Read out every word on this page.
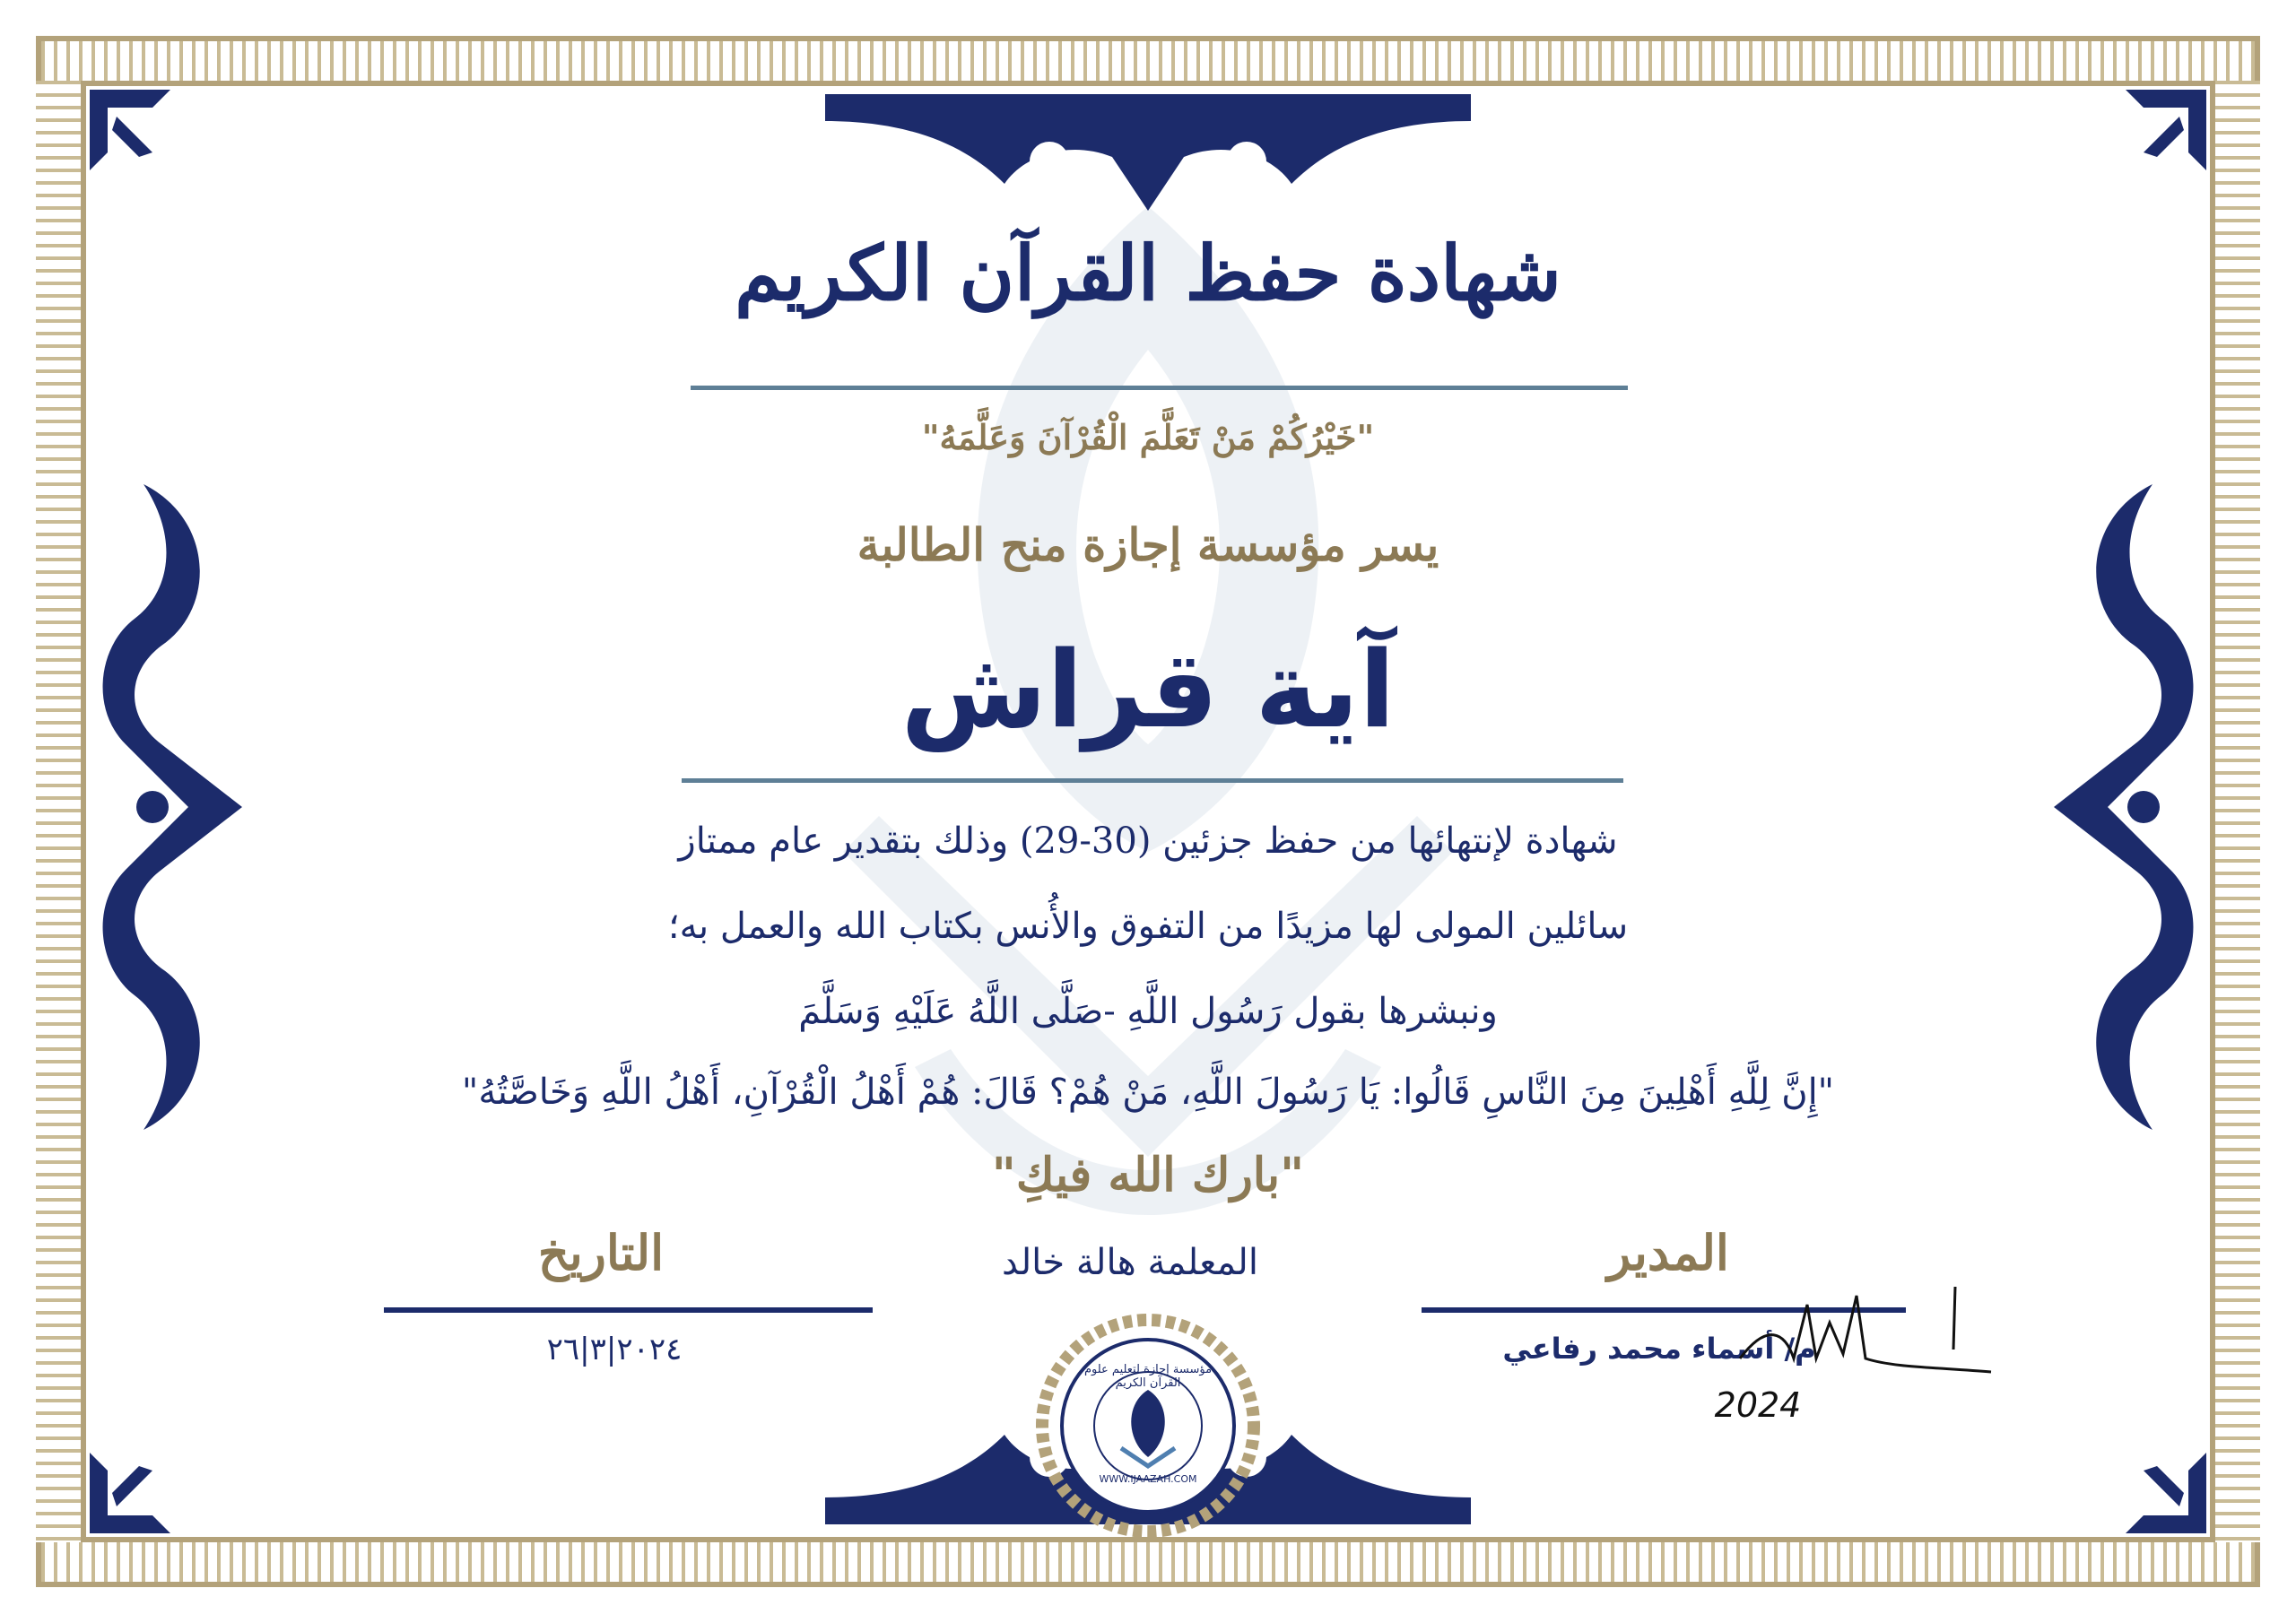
شهادة حفظ القرآن الكريم

"خَيْرُكُمْ مَنْ تَعَلَّمَ الْقُرْآنَ وَعَلَّمَهُ"

يسر مؤسسة إجازة منح الطالبة

آية قراش

شهادة لإنتهائها من حفظ جزئين (30-29) وذلك بتقدير عام ممتاز

سائلين المولى لها مزيدًا من التفوق والأُنس بكتاب الله والعمل به؛

ونبشرها بقول رَسُول اللَّهِ -صَلَّى اللَّهُ عَلَيْهِ وَسَلَّمَ

"إِنَّ لِلَّهِ أَهْلِينَ مِنَ النَّاسِ قَالُوا: يَا رَسُولَ اللَّهِ، مَنْ هُمْ؟ قَالَ: هُمْ أَهْلُ الْقُرْآنِ، أَهْلُ اللَّهِ وَخَاصَّتُهُ"

"بارك الله فيكِ"

التاريخ
٢٠٢٤|٣|٢٦
المعلمة هالة خالد	المدير
م/ أسماء محمد رفاعي
2024
مؤسسة إجازة لتعليم علوم القرآن الكريم
WWW.IJAAZAH.COM
